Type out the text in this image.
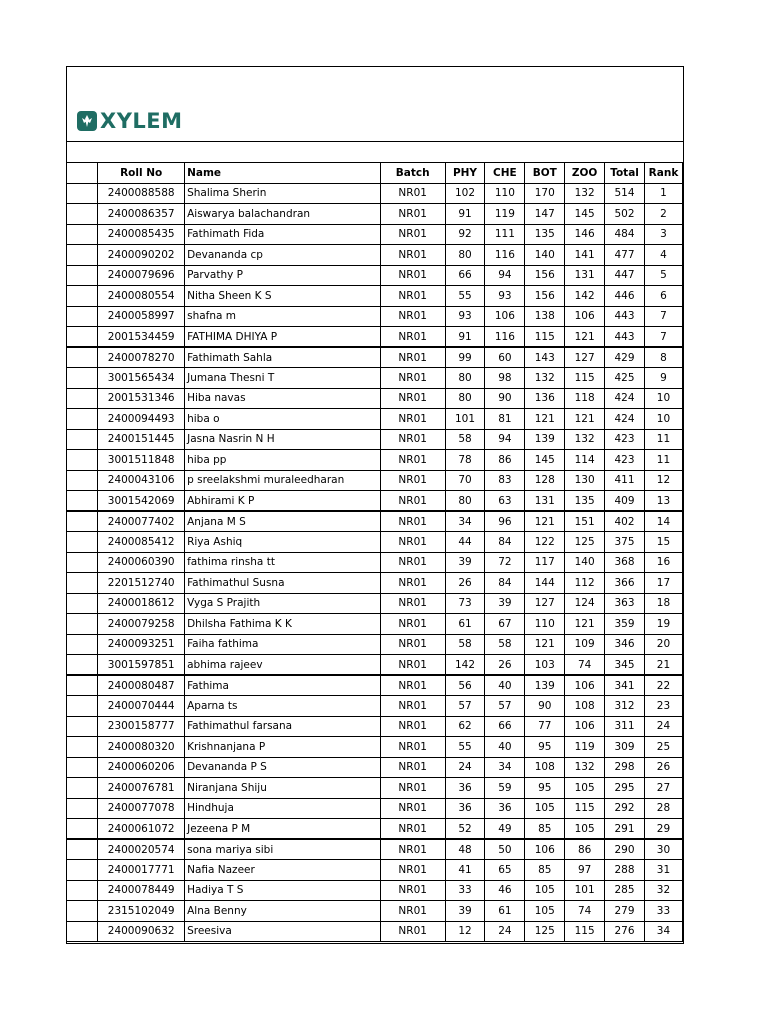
XYLEM
	Roll No	Name	Batch	PHY	CHE	BOT	ZOO	Total	Rank
	2400088588	Shalima Sherin	NR01	102	110	170	132	514	1
	2400086357	Aiswarya balachandran	NR01	91	119	147	145	502	2
	2400085435	Fathimath Fida	NR01	92	111	135	146	484	3
	2400090202	Devananda cp	NR01	80	116	140	141	477	4
	2400079696	Parvathy P	NR01	66	94	156	131	447	5
	2400080554	Nitha Sheen K S	NR01	55	93	156	142	446	6
	2400058997	shafna m	NR01	93	106	138	106	443	7
	2001534459	FATHIMA DHIYA P	NR01	91	116	115	121	443	7
	2400078270	Fathimath Sahla	NR01	99	60	143	127	429	8
	3001565434	Jumana Thesni T	NR01	80	98	132	115	425	9
	2001531346	Hiba navas	NR01	80	90	136	118	424	10
	2400094493	hiba o	NR01	101	81	121	121	424	10
	2400151445	Jasna Nasrin N H	NR01	58	94	139	132	423	11
	3001511848	hiba pp	NR01	78	86	145	114	423	11
	2400043106	p sreelakshmi muraleedharan	NR01	70	83	128	130	411	12
	3001542069	Abhirami K P	NR01	80	63	131	135	409	13
	2400077402	Anjana M S	NR01	34	96	121	151	402	14
	2400085412	Riya Ashiq	NR01	44	84	122	125	375	15
	2400060390	fathima rinsha tt	NR01	39	72	117	140	368	16
	2201512740	Fathimathul Susna	NR01	26	84	144	112	366	17
	2400018612	Vyga S Prajith	NR01	73	39	127	124	363	18
	2400079258	Dhilsha Fathima K K	NR01	61	67	110	121	359	19
	2400093251	Faiha fathima	NR01	58	58	121	109	346	20
	3001597851	abhima rajeev	NR01	142	26	103	74	345	21
	2400080487	Fathima	NR01	56	40	139	106	341	22
	2400070444	Aparna ts	NR01	57	57	90	108	312	23
	2300158777	Fathimathul farsana	NR01	62	66	77	106	311	24
	2400080320	Krishnanjana P	NR01	55	40	95	119	309	25
	2400060206	Devananda P S	NR01	24	34	108	132	298	26
	2400076781	Niranjana Shiju	NR01	36	59	95	105	295	27
	2400077078	Hindhuja	NR01	36	36	105	115	292	28
	2400061072	Jezeena P M	NR01	52	49	85	105	291	29
	2400020574	sona mariya sibi	NR01	48	50	106	86	290	30
	2400017771	Nafia Nazeer	NR01	41	65	85	97	288	31
	2400078449	Hadiya T S	NR01	33	46	105	101	285	32
	2315102049	Alna Benny	NR01	39	61	105	74	279	33
	2400090632	Sreesiva	NR01	12	24	125	115	276	34
